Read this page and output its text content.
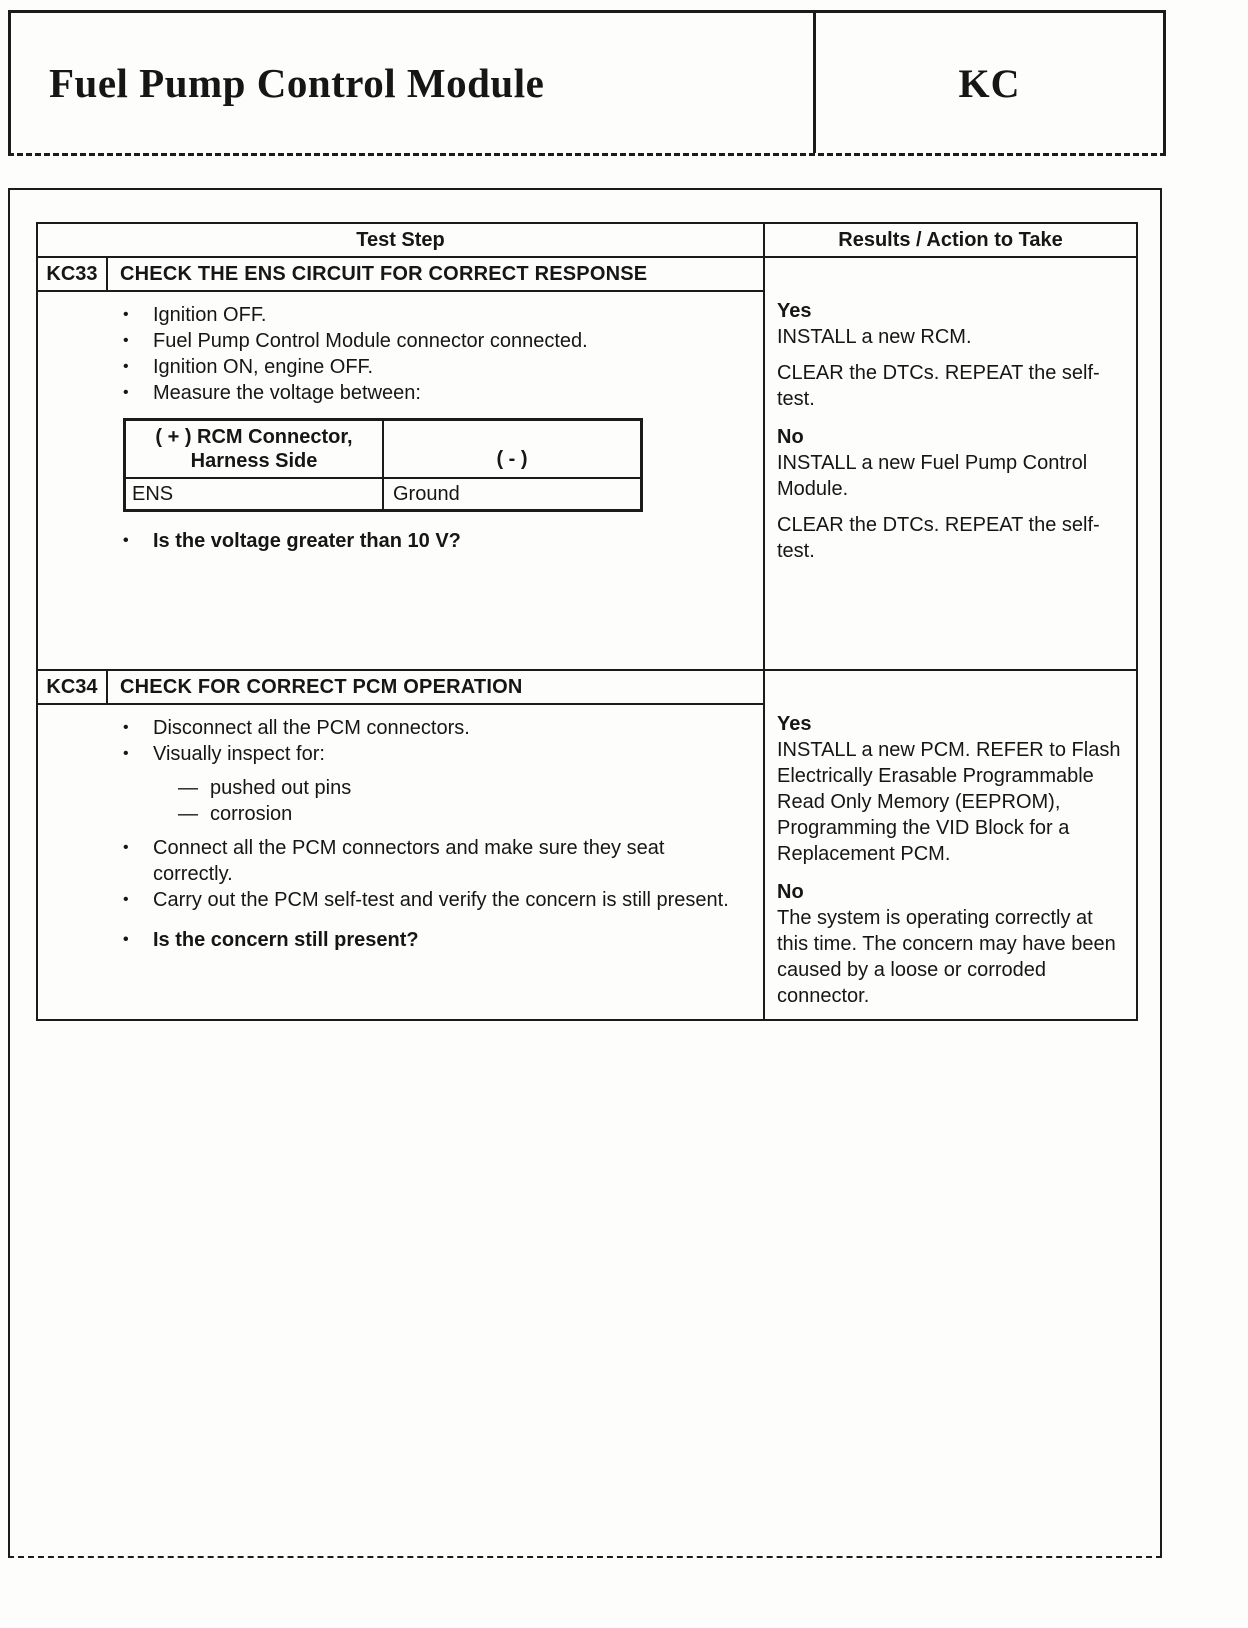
Fuel Pump Control Module	KC
Test Step	Results / Action to Take
KC33	CHECK THE ENS CIRCUIT FOR CORRECT RESPONSE
•	Ignition OFF.
•	Fuel Pump Control Module connector connected.
•	Ignition ON, engine OFF.
•	Measure the voltage between:
( + ) RCM Connector,
Harness Side	( - )
ENS	Ground
•	Is the voltage greater than 10 V?
Yes

INSTALL a new RCM.

CLEAR the DTCs. REPEAT the self-test.

No

INSTALL a new Fuel Pump Control Module.

CLEAR the DTCs. REPEAT the self-test.

KC34	CHECK FOR CORRECT PCM OPERATION
•	Disconnect all the PCM connectors.
•	Visually inspect for:
— pushed out pins
— corrosion
•	Connect all the PCM connectors and make sure they seat correctly.
•	Carry out the PCM self-test and verify the concern is still present.
•	Is the concern still present?
Yes

INSTALL a new PCM. REFER to Flash Electrically Erasable Programmable Read Only Memory (EEPROM), Programming the VID Block for a Replacement PCM.

No

The system is operating correctly at this time. The concern may have been caused by a loose or corroded connector.
